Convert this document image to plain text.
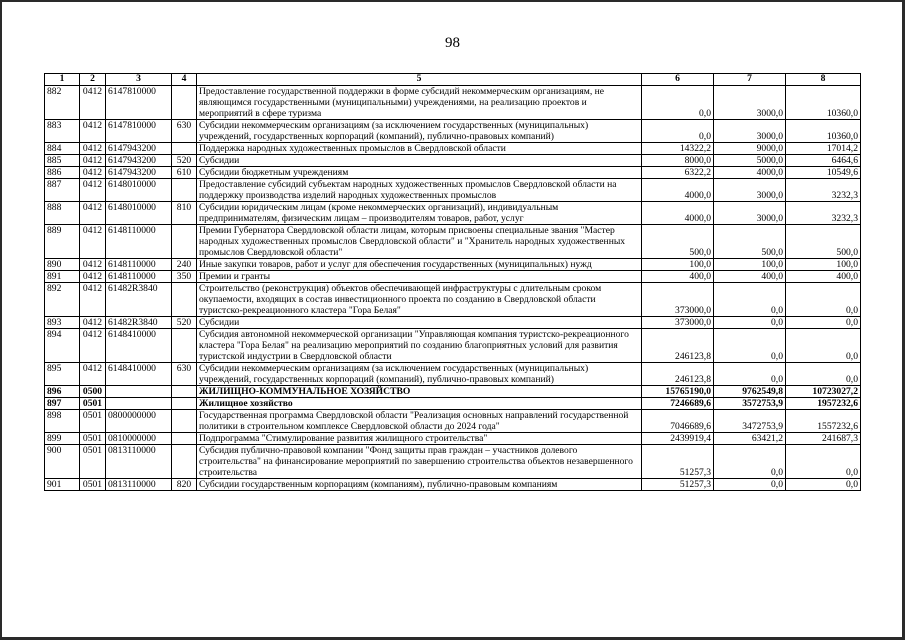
98
1	2	3	4	5	6	7	8
882	0412	6147810000		Предоставление государственной поддержки в форме субсидий некоммерческим организациям, не являющимся государственными (муниципальными) учреждениями, на реализацию проектов и мероприятий в сфере туризма	0,0	3000,0	10360,0
883	0412	6147810000	630	Субсидии некоммерческим организациям (за исключением государственных (муниципальных) учреждений, государственных корпораций (компаний), публично-правовых компаний)	0,0	3000,0	10360,0
884	0412	6147943200		Поддержка народных художественных промыслов в Свердловской области	14322,2	9000,0	17014,2
885	0412	6147943200	520	Субсидии	8000,0	5000,0	6464,6
886	0412	6147943200	610	Субсидии бюджетным учреждениям	6322,2	4000,0	10549,6
887	0412	6148010000		Предоставление субсидий субъектам народных художественных промыслов Свердловской области на поддержку производства изделий народных художественных промыслов	4000,0	3000,0	3232,3
888	0412	6148010000	810	Субсидии юридическим лицам (кроме некоммерческих организаций), индивидуальным предпринимателям, физическим лицам – производителям товаров, работ, услуг	4000,0	3000,0	3232,3
889	0412	6148110000		Премии Губернатора Свердловской области лицам, которым присвоены специальные звания "Мастер народных художественных промыслов Свердловской области" и "Хранитель народных художественных промыслов Свердловской области"	500,0	500,0	500,0
890	0412	6148110000	240	Иные закупки товаров, работ и услуг для обеспечения государственных (муниципальных) нужд	100,0	100,0	100,0
891	0412	6148110000	350	Премии и гранты	400,0	400,0	400,0
892	0412	61482R3840		Строительство (реконструкция) объектов обеспечивающей инфраструктуры с длительным сроком окупаемости, входящих в состав инвестиционного проекта по созданию в Свердловской области туристско-рекреационного кластера "Гора Белая"	373000,0	0,0	0,0
893	0412	61482R3840	520	Субсидии	373000,0	0,0	0,0
894	0412	6148410000		Субсидия автономной некоммерческой организации "Управляющая компания туристско-рекреационного кластера "Гора Белая" на реализацию мероприятий по созданию благоприятных условий для развития туристской индустрии в Свердловской области	246123,8	0,0	0,0
895	0412	6148410000	630	Субсидии некоммерческим организациям (за исключением государственных (муниципальных) учреждений, государственных корпораций (компаний), публично-правовых компаний)	246123,8	0,0	0,0
896	0500			ЖИЛИЩНО-КОММУНАЛЬНОЕ ХОЗЯЙСТВО	15765190,0	9762549,8	10723027,2
897	0501			Жилищное хозяйство	7246689,6	3572753,9	1957232,6
898	0501	0800000000		Государственная программа Свердловской области "Реализация основных направлений государственной политики в строительном комплексе Свердловской области до 2024 года"	7046689,6	3472753,9	1557232,6
899	0501	0810000000		Подпрограмма "Стимулирование развития жилищного строительства"	2439919,4	63421,2	241687,3
900	0501	0813110000		Субсидия публично-правовой компании "Фонд защиты прав граждан – участников долевого строительства" на финансирование мероприятий по завершению строительства объектов незавершенного строительства	51257,3	0,0	0,0
901	0501	0813110000	820	Субсидии государственным корпорациям (компаниям), публично-правовым компаниям	51257,3	0,0	0,0
